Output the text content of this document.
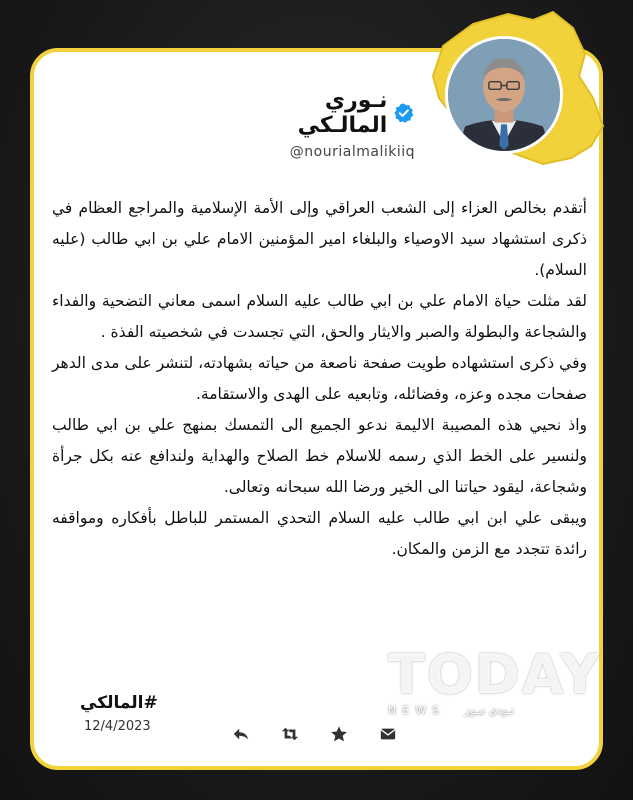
نـوري المالـكي
@nourialmalikiiq

أتقدم بخالص العزاء إلى الشعب العراقي وإلى الأمة الإسلامية والمراجع العظام في ذكرى استشهاد سيد الاوصياء والبلغاء امير المؤمنين الامام علي بن ابي طالب (عليه السلام).

لقد مثلت حياة الامام علي بن ابي طالب عليه السلام اسمى معاني التضحية والفداء والشجاعة والبطولة والصبر والايثار والحق، التي تجسدت في شخصيته الفذة .

وفي ذكرى استشهاده طويت صفحة ناصعة من حياته بشهادته، لتنشر على مدى الدهر صفحات مجده وعزه، وفضائله، وتابعيه على الهدى والاستقامة.

واذ نحيي هذه المصيبة الاليمة ندعو الجميع الى التمسك بمنهج علي بن ابي طالب ولنسير على الخط الذي رسمه للاسلام خط الصلاح والهداية ولندافع عنه بكل جرأة وشجاعة، ليقود حياتنا الى الخير ورضا الله سبحانه وتعالى.

ويبقى علي ابن ابي طالب عليه السلام التحدي المستمر للباطل بأفكاره ومواقفه رائدة تتجدد مع الزمن والمكان.

#المالكي
12/4/2023
TODAY
NEWS تـودي نيـوز
